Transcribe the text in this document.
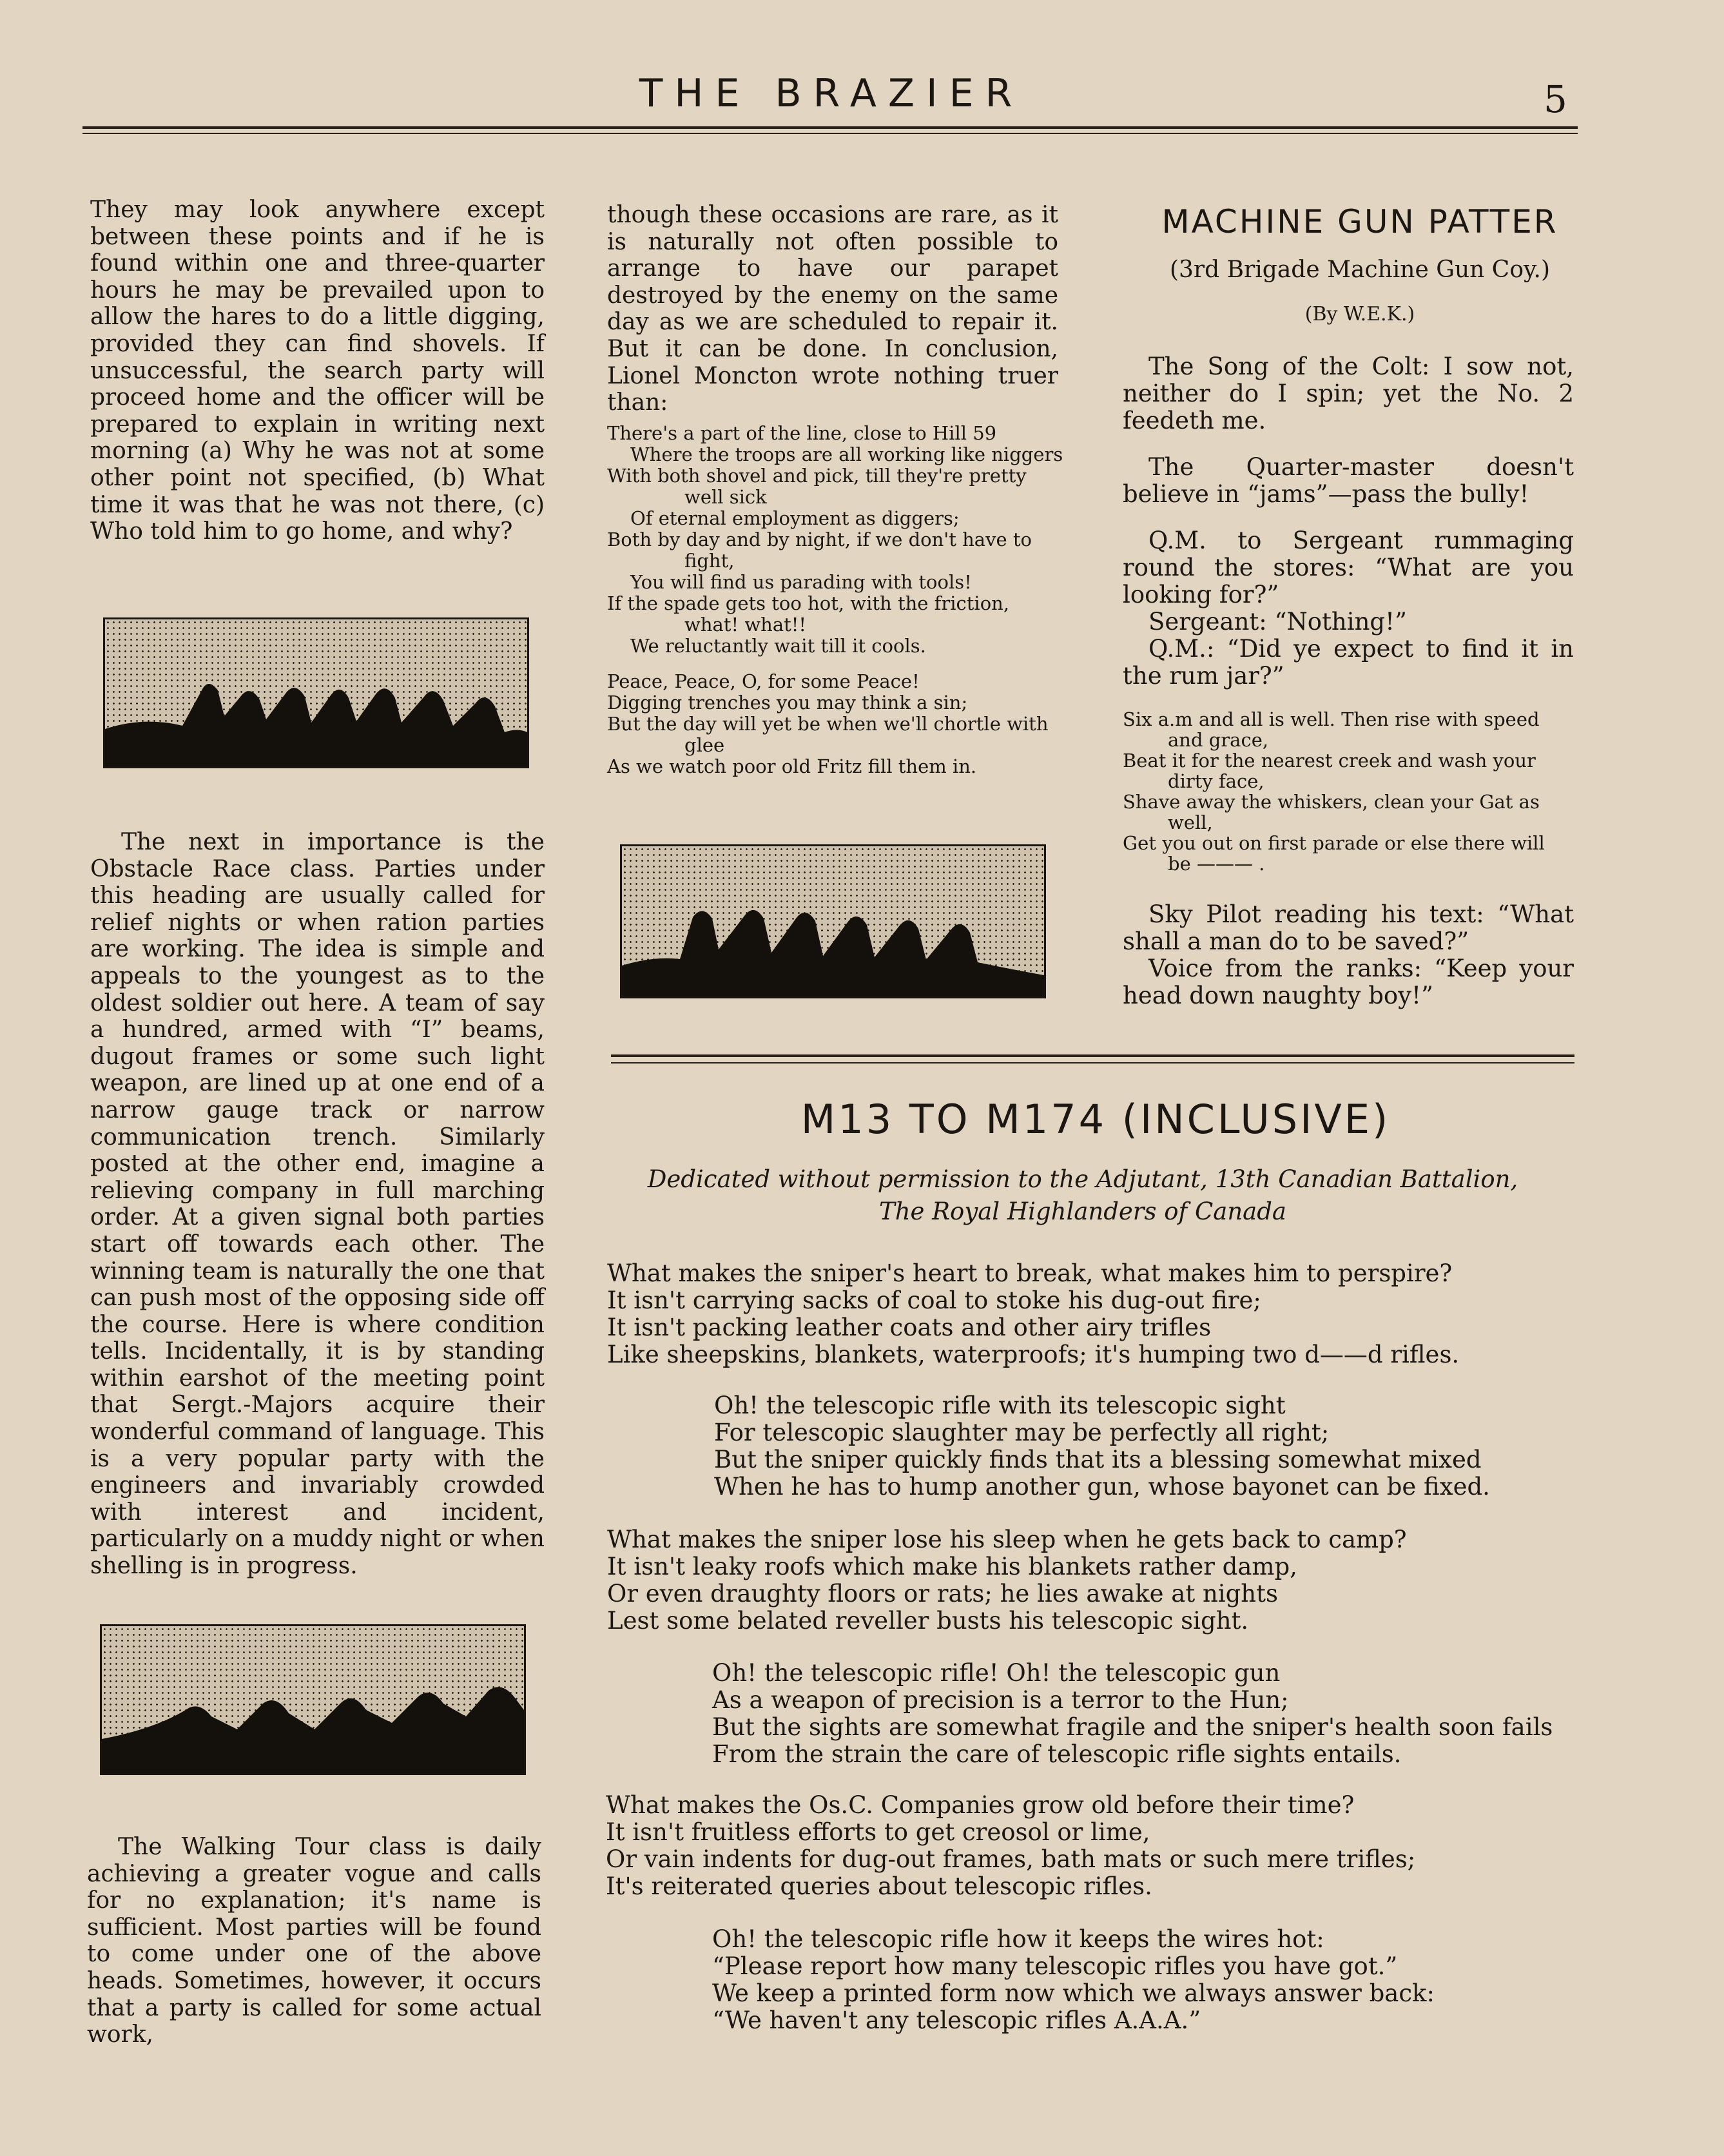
THE BRAZIER	5

They may look anywhere except between these points and if he is found within one and three-quarter hours he may be prevailed upon to allow the hares to do a little digging, provided they can find shovels. If unsuccessful, the search party will proceed home and the officer will be prepared to explain in writing next morning (a) Why he was not at some other point not specified, (b) What time it was that he was not there, (c) Who told him to go home, and why?

The next in importance is the Obstacle Race class. Parties under this heading are usually called for relief nights or when ration parties are working. The idea is simple and appeals to the youngest as to the oldest soldier out here. A team of say a hundred, armed with “I” beams, dugout frames or some such light weapon, are lined up at one end of a narrow gauge track or narrow communication trench. Similarly posted at the other end, imagine a relieving company in full marching order. At a given signal both parties start off towards each other. The winning team is naturally the one that can push most of the opposing side off the course. Here is where condition tells. Incidentally, it is by standing within earshot of the meeting point that Sergt.-Majors acquire their wonderful command of language. This is a very popular party with the engineers and invariably crowded with interest and incident, particularly on a muddy night or when shelling is in progress.

The Walking Tour class is daily achieving a greater vogue and calls for no explanation; it's name is sufficient. Most parties will be found to come under one of the above heads. Sometimes, however, it occurs that a party is called for some actual work,

though these occasions are rare, as it is naturally not often possible to arrange to have our parapet destroyed by the enemy on the same day as we are scheduled to repair it. But it can be done. In conclusion, Lionel Moncton wrote nothing truer than:

There's a part of the line, close to Hill 59
Where the troops are all working like niggers
With both shovel and pick, till they're pretty
well sick
Of eternal employment as diggers;
Both by day and by night, if we don't have to
fight,
You will find us parading with tools!
If the spade gets too hot, with the friction,
what! what!!
We reluctantly wait till it cools.
Peace, Peace, O, for some Peace!
Digging trenches you may think a sin;
But the day will yet be when we'll chortle with
glee
As we watch poor old Fritz fill them in.
MACHINE GUN PATTER
(3rd Brigade Machine Gun Coy.)
(By W.E.K.)

The Song of the Colt: I sow not, neither do I spin; yet the No. 2 feedeth me.

The Quarter-master doesn't believe in “jams”—pass the bully!

Q.M. to Sergeant rummaging round the stores: “What are you looking for?”

Sergeant: “Nothing!”

Q.M.: “Did ye expect to find it in the rum jar?”

Six a.m and all is well. Then rise with speed
and grace,
Beat it for the nearest creek and wash your
dirty face,
Shave away the whiskers, clean your Gat as
well,
Get you out on first parade or else there will
be ——— .

Sky Pilot reading his text: “What shall a man do to be saved?”

Voice from the ranks: “Keep your head down naughty boy!”

M13 TO M174 (INCLUSIVE)
Dedicated without permission to the Adjutant, 13th Canadian Battalion,
The Royal Highlanders of Canada
What makes the sniper's heart to break, what makes him to perspire?
It isn't carrying sacks of coal to stoke his dug-out fire;
It isn't packing leather coats and other airy trifles
Like sheepskins, blankets, waterproofs; it's humping two d——d rifles.
Oh! the telescopic rifle with its telescopic sight
For telescopic slaughter may be perfectly all right;
But the sniper quickly finds that its a blessing somewhat mixed
When he has to hump another gun, whose bayonet can be fixed.
What makes the sniper lose his sleep when he gets back to camp?
It isn't leaky roofs which make his blankets rather damp,
Or even draughty floors or rats; he lies awake at nights
Lest some belated reveller busts his telescopic sight.
Oh! the telescopic rifle! Oh! the telescopic gun
As a weapon of precision is a terror to the Hun;
But the sights are somewhat fragile and the sniper's health soon fails
From the strain the care of telescopic rifle sights entails.
What makes the Os.C. Companies grow old before their time?
It isn't fruitless efforts to get creosol or lime,
Or vain indents for dug-out frames, bath mats or such mere trifles;
It's reiterated queries about telescopic rifles.
Oh! the telescopic rifle how it keeps the wires hot:
“Please report how many telescopic rifles you have got.”
We keep a printed form now which we always answer back:
“We haven't any telescopic rifles A.A.A.”
